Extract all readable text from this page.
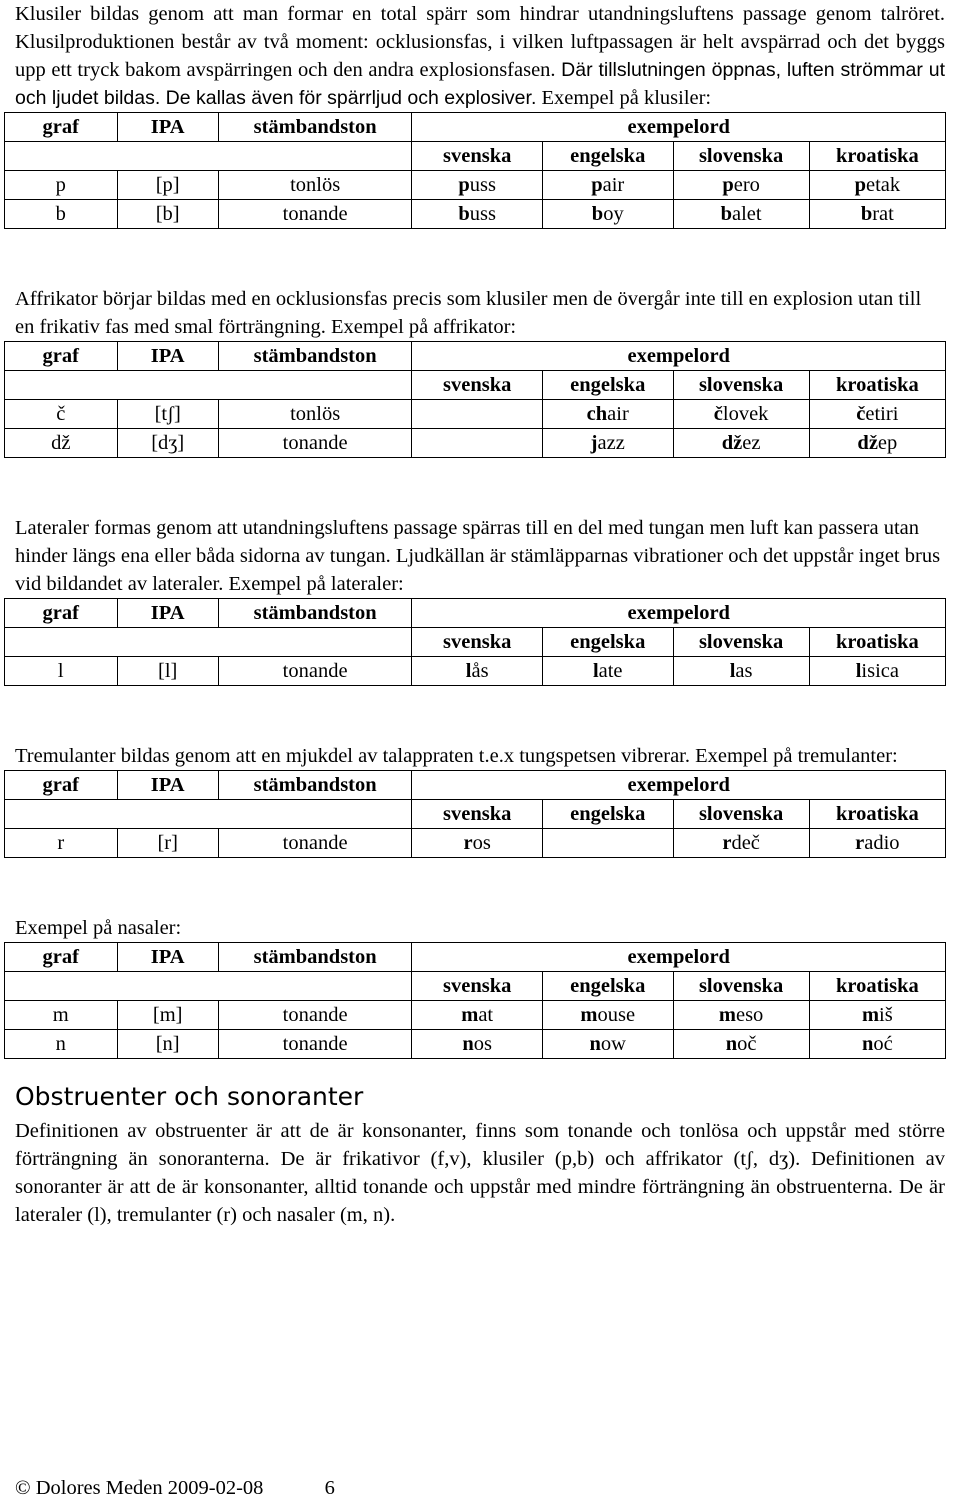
Klusiler bildas genom att man formar en total spärr som hindrar utandningsluftens passage genom talröret. Klusilproduktionen består av två moment: ocklusionsfas, i vilken luftpassagen är helt avspärrad och det byggs upp ett tryck bakom avspärringen och den andra explosionsfasen. Där tillslutningen öppnas, luften strömmar ut och ljudet bildas. De kallas även för spärrljud och explosiver. Exempel på klusiler:

graf	IPA	stämbandston	exempelord			
			svenska	engelska	slovenska	kroatiska
p	[p]	tonlös	puss	pair	pero	petak
b	[b]	tonande	buss	boy	balet	brat

Affrikator börjar bildas med en ocklusionsfas precis som klusiler men de övergår inte till en explosion utan till en frikativ fas med smal förträngning. Exempel på affrikator:

graf	IPA	stämbandston	exempelord			
			svenska	engelska	slovenska	kroatiska
č	[tʃ]	tonlös		chair	človek	četiri
dž	[dʒ]	tonande		jazz	džez	džep

Lateraler formas genom att utandningsluftens passage spärras till en del med tungan men luft kan passera utan hinder längs ena eller båda sidorna av tungan. Ljudkällan är stämläpparnas vibrationer och det uppstår inget brus vid bildandet av lateraler. Exempel på lateraler:

graf	IPA	stämbandston	exempelord			
			svenska	engelska	slovenska	kroatiska
l	[l]	tonande	lås	late	las	lisica

Tremulanter bildas genom att en mjukdel av talappraten t.e.x tungspetsen vibrerar. Exempel på tremulanter:

graf	IPA	stämbandston	exempelord			
			svenska	engelska	slovenska	kroatiska
r	[r]	tonande	ros		rdeč	radio

Exempel på nasaler:

graf	IPA	stämbandston	exempelord			
			svenska	engelska	slovenska	kroatiska
m	[m]	tonande	mat	mouse	meso	miš
n	[n]	tonande	nos	now	noč	noć
Obstruenter och sonoranter

Definitionen av obstruenter är att de är konsonanter, finns som tonande och tonlösa och uppstår med större förträngning än sonoranterna. De är frikativor (f,v), klusiler (p,b) och affrikator (tʃ, dʒ). Definitionen av sonoranter är att de är konsonanter, alltid tonande och uppstår med mindre förträngning än obstruenterna. De är lateraler (l), tremulanter (r) och nasaler (m, n).

© Dolores Meden 2009-02-08	6
